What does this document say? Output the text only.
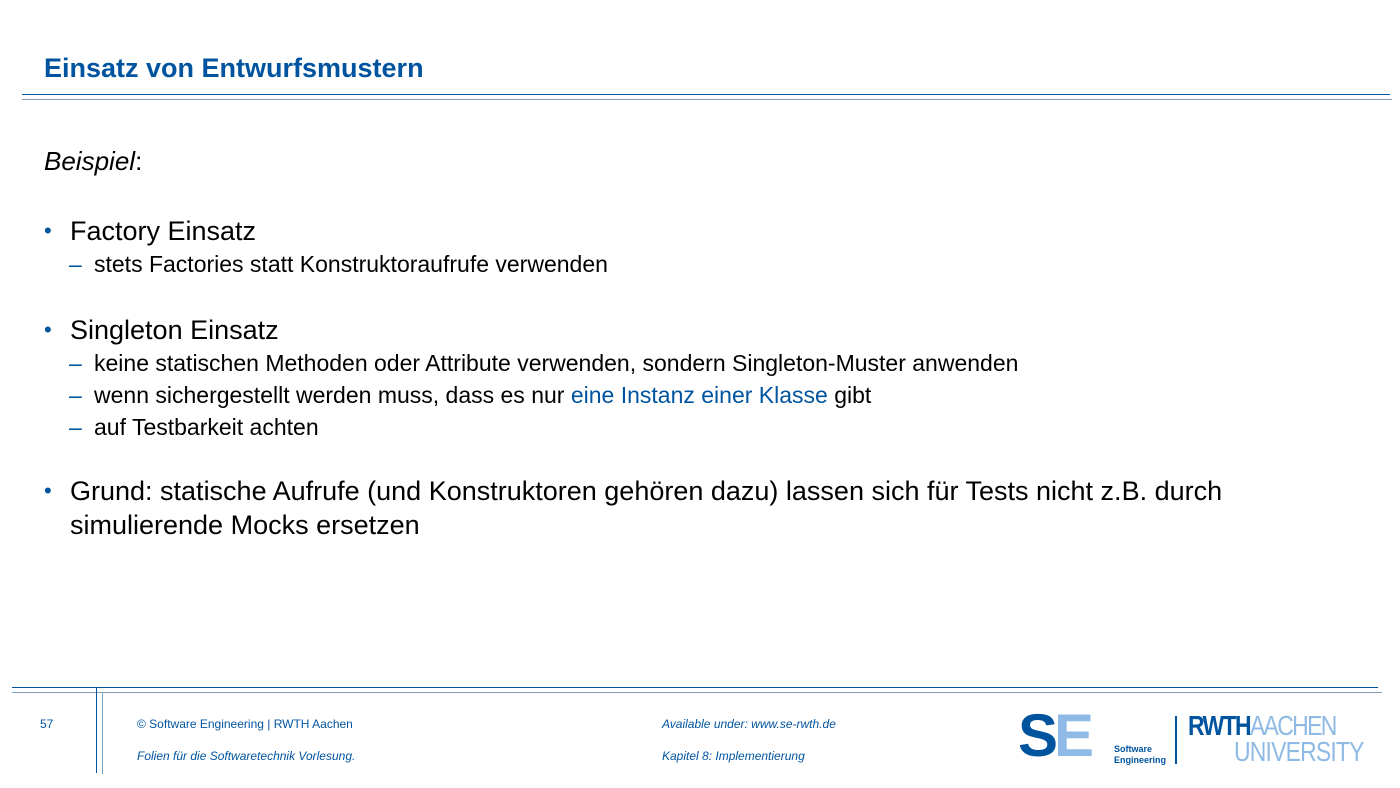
Einsatz von Entwurfsmustern
Beispiel:
• Factory Einsatz
– stets Factories statt Konstruktoraufrufe verwenden
• Singleton Einsatz
– keine statischen Methoden oder Attribute verwenden, sondern Singleton-Muster anwenden
– wenn sichergestellt werden muss, dass es nur eine Instanz einer Klasse gibt
– auf Testbarkeit achten
• Grund: statische Aufrufe (und Konstruktoren gehören dazu) lassen sich für Tests nicht z.B. durch
simulierende Mocks ersetzen
57	© Software Engineering | RWTH Aachen
Folien für die Softwaretechnik Vorlesung.
Available under: www.se-rwth.de
Kapitel 8: Implementierung	SE	Software
Engineering
RWTHAACHEN
UNIVERSITY
